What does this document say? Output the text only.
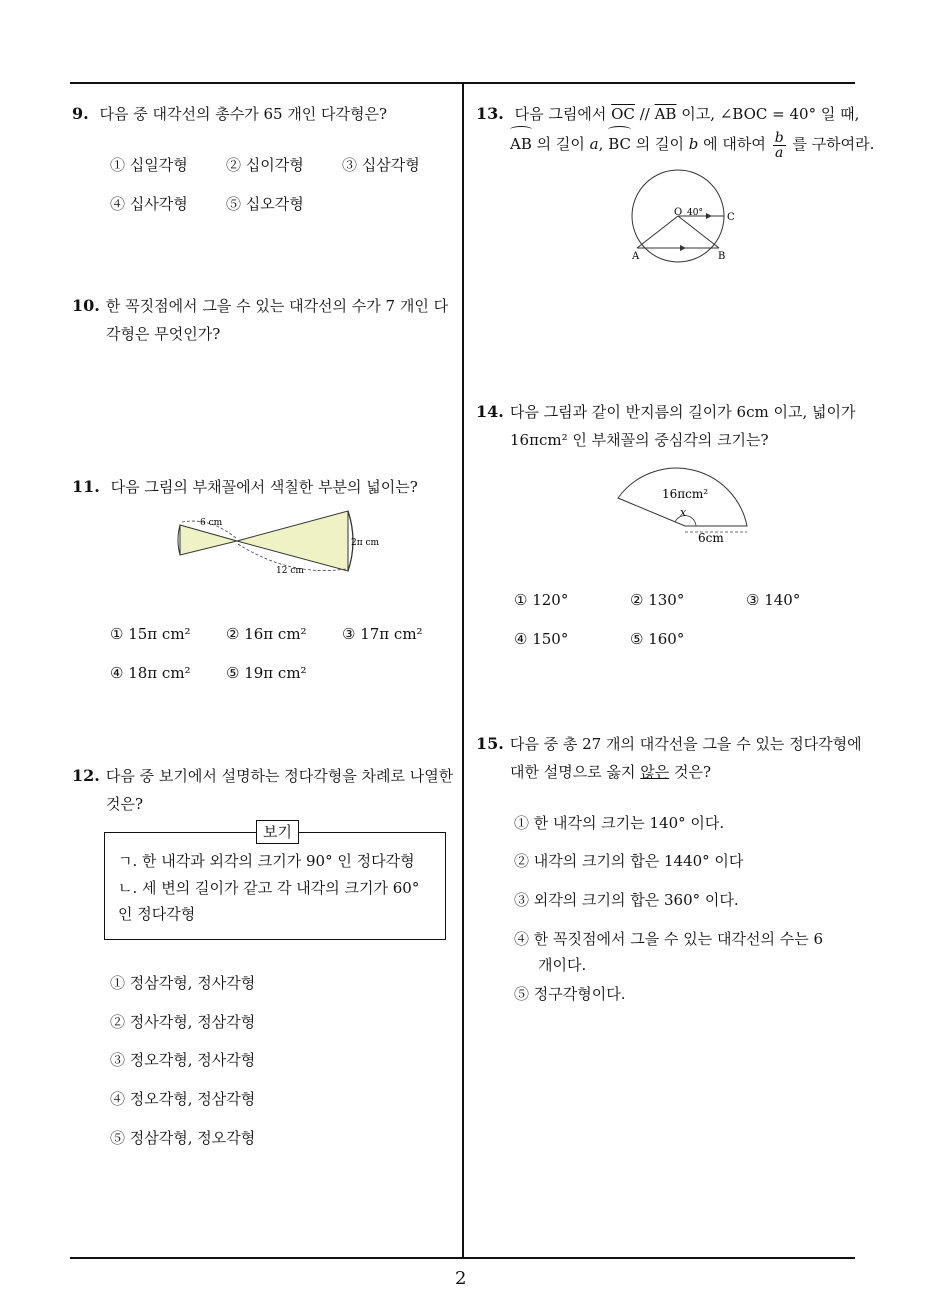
2
9. 다음 중 대각선의 총수가 65 개인 다각형은?
① 십일각형	② 십이각형	③ 십삼각형
④ 십사각형	⑤ 십오각형
10. 한 꼭짓점에서 그을 수 있는 대각선의 수가 7 개인 다
각형은 무엇인가?
11. 다음 그림의 부채꼴에서 색칠한 부분의 넓이는?
6 cm
2π cm
12 cm
① 15π cm² ② 16π cm² ③ 17π cm²
④ 18π cm² ⑤ 19π cm²
12. 다음 중 보기에서 설명하는 정다각형을 차례로 나열한
것은?
보기
ㄱ. 한 내각과 외각의 크기가 90° 인 정다각형
ㄴ. 세 변의 길이가 같고 각 내각의 크기가 60°
인 정다각형
① 정삼각형, 정사각형
② 정사각형, 정삼각형
③ 정오각형, 정사각형
④ 정오각형, 정삼각형
⑤ 정삼각형, 정오각형
13. 다음 그림에서 $\overline{OC} // \overline{AB}$ 이고, ∠BOC = 40° 일 때,
AB 의 길이 a, BC 의 길이 b 에 대하여 $\frac{b}{a}$ 를 구하여라.
O 40° C
A	B
14. 다음 그림과 같이 반지름의 길이가 6cm 이고, 넓이가
16πcm² 인 부채꼴의 중심각의 크기는?
16πcm²
x
6cm
① 120°	② 130°	③ 140°
④ 150°	⑤ 160°
15. 다음 중 총 27 개의 대각선을 그을 수 있는 정다각형에
대한 설명으로 옳지 않은 것은?
① 한 내각의 크기는 140° 이다.
② 내각의 크기의 합은 1440° 이다
③ 외각의 크기의 합은 360° 이다.
④ 한 꼭짓점에서 그을 수 있는 대각선의 수는 6
개이다.
⑤ 정구각형이다.
